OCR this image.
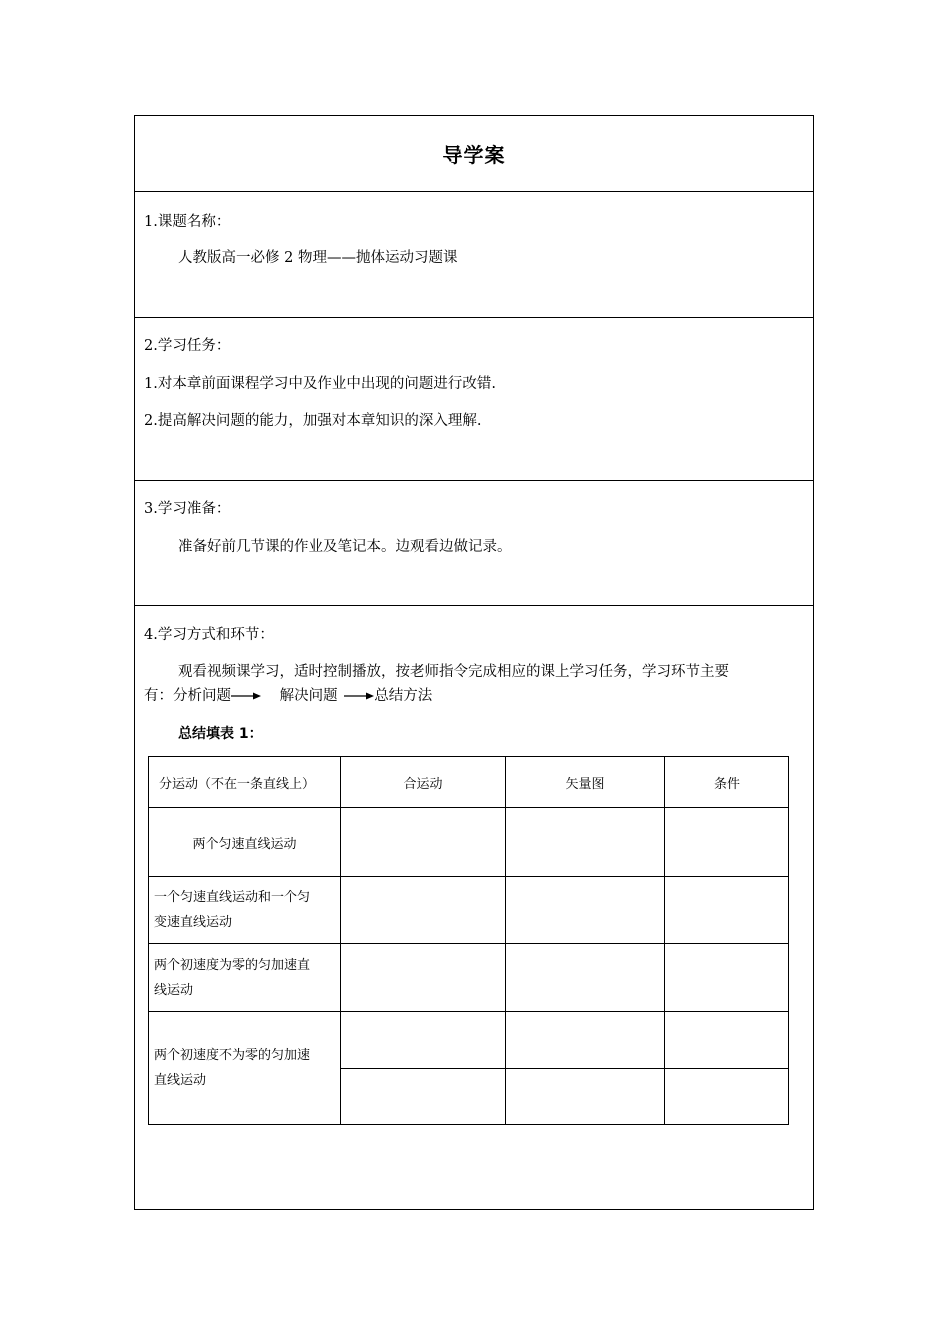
导学案
1.课题名称：
人教版高一必修 2 物理——抛体运动习题课
2.学习任务：
1.对本章前面课程学习中及作业中出现的问题进行改错.
2.提高解决问题的能力，加强对本章知识的深入理解.
3.学习准备：
准备好前几节课的作业及笔记本。边观看边做记录。
4.学习方式和环节：
观看视频课学习，适时控制播放，按老师指令完成相应的课上学习任务，学习环节主要
有：分析问题	解决问题	总结方法
总结填表 1：
分运动（不在一条直线上）	合运动	矢量图	条件
两个匀速直线运动
一个匀速直线运动和一个匀
变速直线运动
两个初速度为零的匀加速直
线运动
两个初速度不为零的匀加速
直线运动
